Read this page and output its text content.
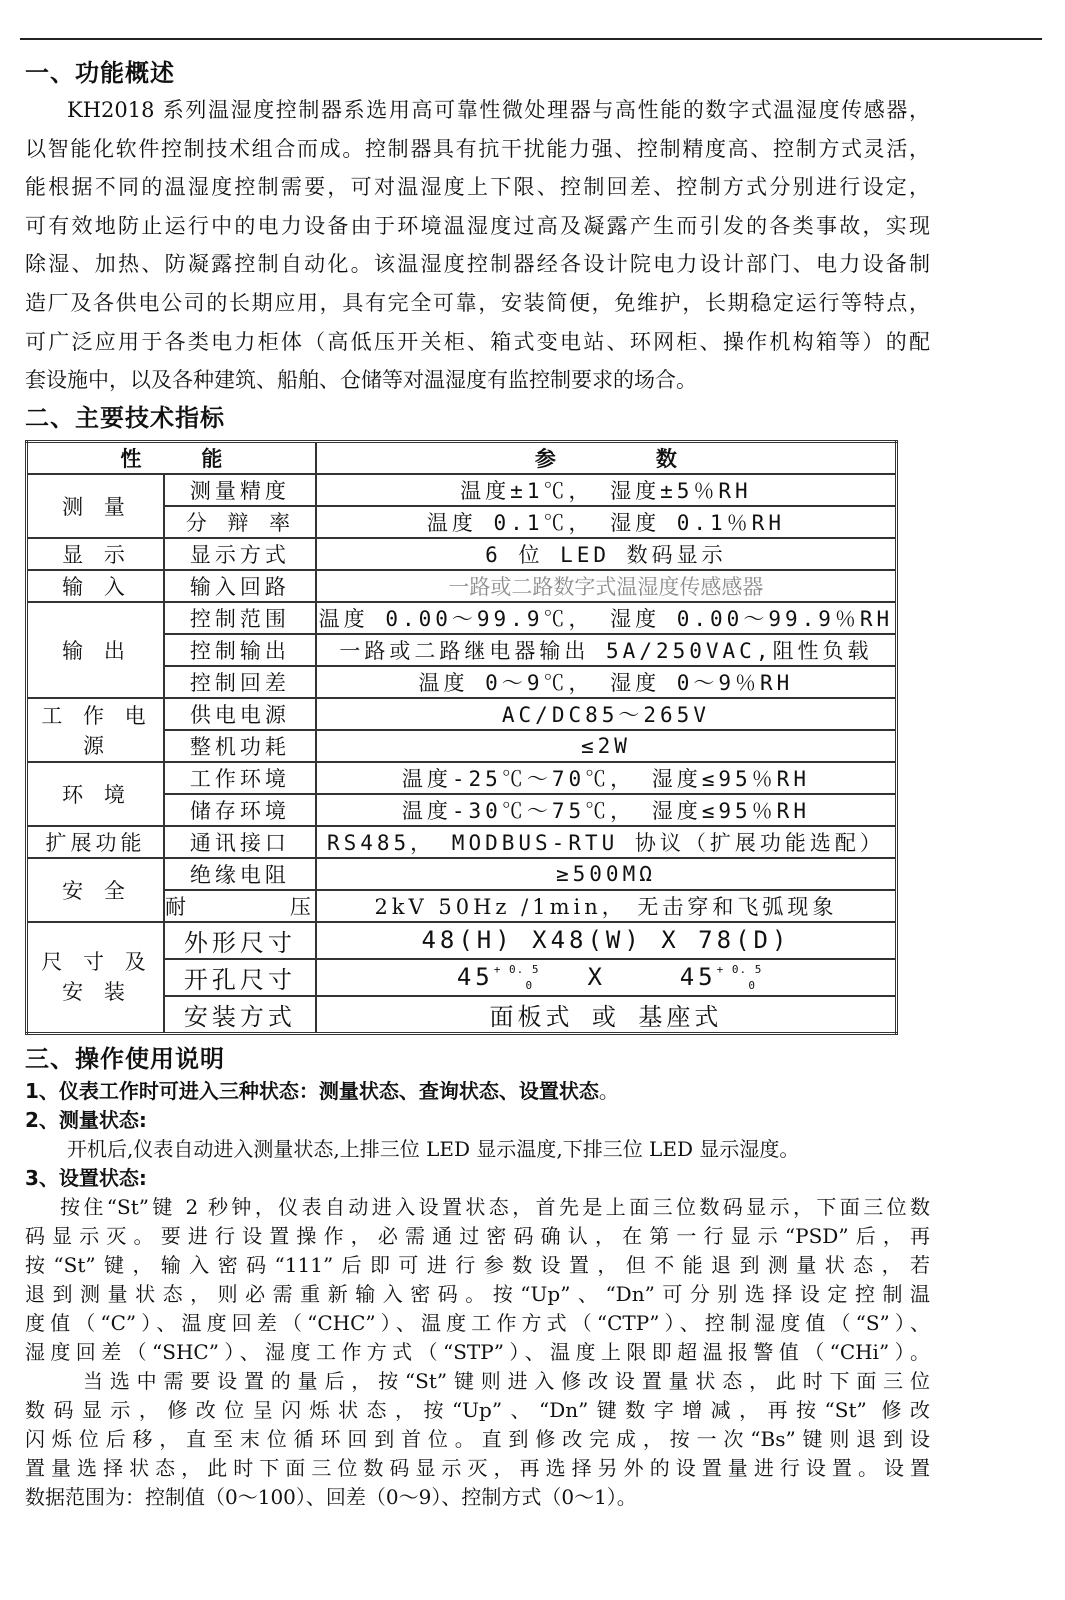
一、功能概述
KH2018 系列温湿度控制器系选用高可靠性微处理器与高性能的数字式温湿度传感器，
以智能化软件控制技术组合而成。控制器具有抗干扰能力强、控制精度高、控制方式灵活，
能根据不同的温湿度控制需要，可对温湿度上下限、控制回差、控制方式分别进行设定，
可有效地防止运行中的电力设备由于环境温湿度过高及凝露产生而引发的各类事故，实现
除湿、加热、防凝露控制自动化。该温湿度控制器经各设计院电力设计部门、电力设备制
造厂及各供电公司的长期应用，具有完全可靠，安装简便，免维护，长期稳定运行等特点，
可广泛应用于各类电力柜体（高低压开关柜、箱式变电站、环网柜、操作机构箱等）的配
套设施中，以及各种建筑、船舶、仓储等对温湿度有监控制要求的场合。
二、主要技术指标
性 能		参 数
测 量	测量精度	温度±1℃， 湿度±5％RH
	分 辩 率	温度 0.1℃， 湿度 0.1％RH
显 示	显示方式	6 位 LED 数码显示
输 入	输入回路	一路或二路数字式温湿度传感感器
输 出	控制范围	温度 0.00～99.9℃， 湿度 0.00～99.9％RH
	控制输出	一路或二路继电器输出 5A/250VAC,阻性负载
	控制回差	温度 0～9℃， 湿度 0～9％RH
工 作 电 源	供电电源	AC/DC85～265V
	整机功耗	≤2W
环 境	工作环境	温度-25℃～70℃， 湿度≤95％RH
	储存环境	温度-30℃～75℃， 湿度≤95％RH
扩展功能	通讯接口	RS485， MODBUS-RTU 协议（扩展功能选配）
安 全	绝缘电阻	≥500MΩ
	耐      压	2kV 50Hz /1min， 无击穿和飞弧现象
尺 寸 及
安 装	外形尺寸	48(H) X48(W) X 78(D)
	开孔尺寸	$45^{+ 0. 5}_0$ X $45^{+ 0. 5}_0$
	安装方式	面板式 或 基座式
三、操作使用说明

1、仪表工作时可进入三种状态：测量状态、查询状态、设置状态。

2、测量状态:

开机后,仪表自动进入测量状态,上排三位 LED 显示温度,下排三位 LED 显示湿度。

3、设置状态:

按住“St”键 2 秒钟，仪表自动进入设置状态，首先是上面三位数码显示，下面三位数
码显示灭。要进行设置操作，必需通过密码确认，在第一行显示“PSD”后，再
按“St”键，输入密码“111”后即可进行参数设置，但不能退到测量状态，若
退到测量状态，则必需重新输入密码。按“Up”、“Dn”可分别选择设定控制温
度值（“C”）、温度回差（“CHC”）、温度工作方式（“CTP”）、控制湿度值（“S”）、
湿度回差（“SHC”）、湿度工作方式（“STP”）、温度上限即超温报警值（“CHi”）。
当选中需要设置的量后，按“St”键则进入修改设置量状态，此时下面三位
数码显示，修改位呈闪烁状态，按“Up”、“Dn”键数字增减，再按“St” 修改
闪烁位后移，直至末位循环回到首位。直到修改完成，按一次“Bs”键则退到设
置量选择状态，此时下面三位数码显示灭，再选择另外的设置量进行设置。设置
数据范围为：控制值（0～100）、回差（0～9）、控制方式（0～1）。
